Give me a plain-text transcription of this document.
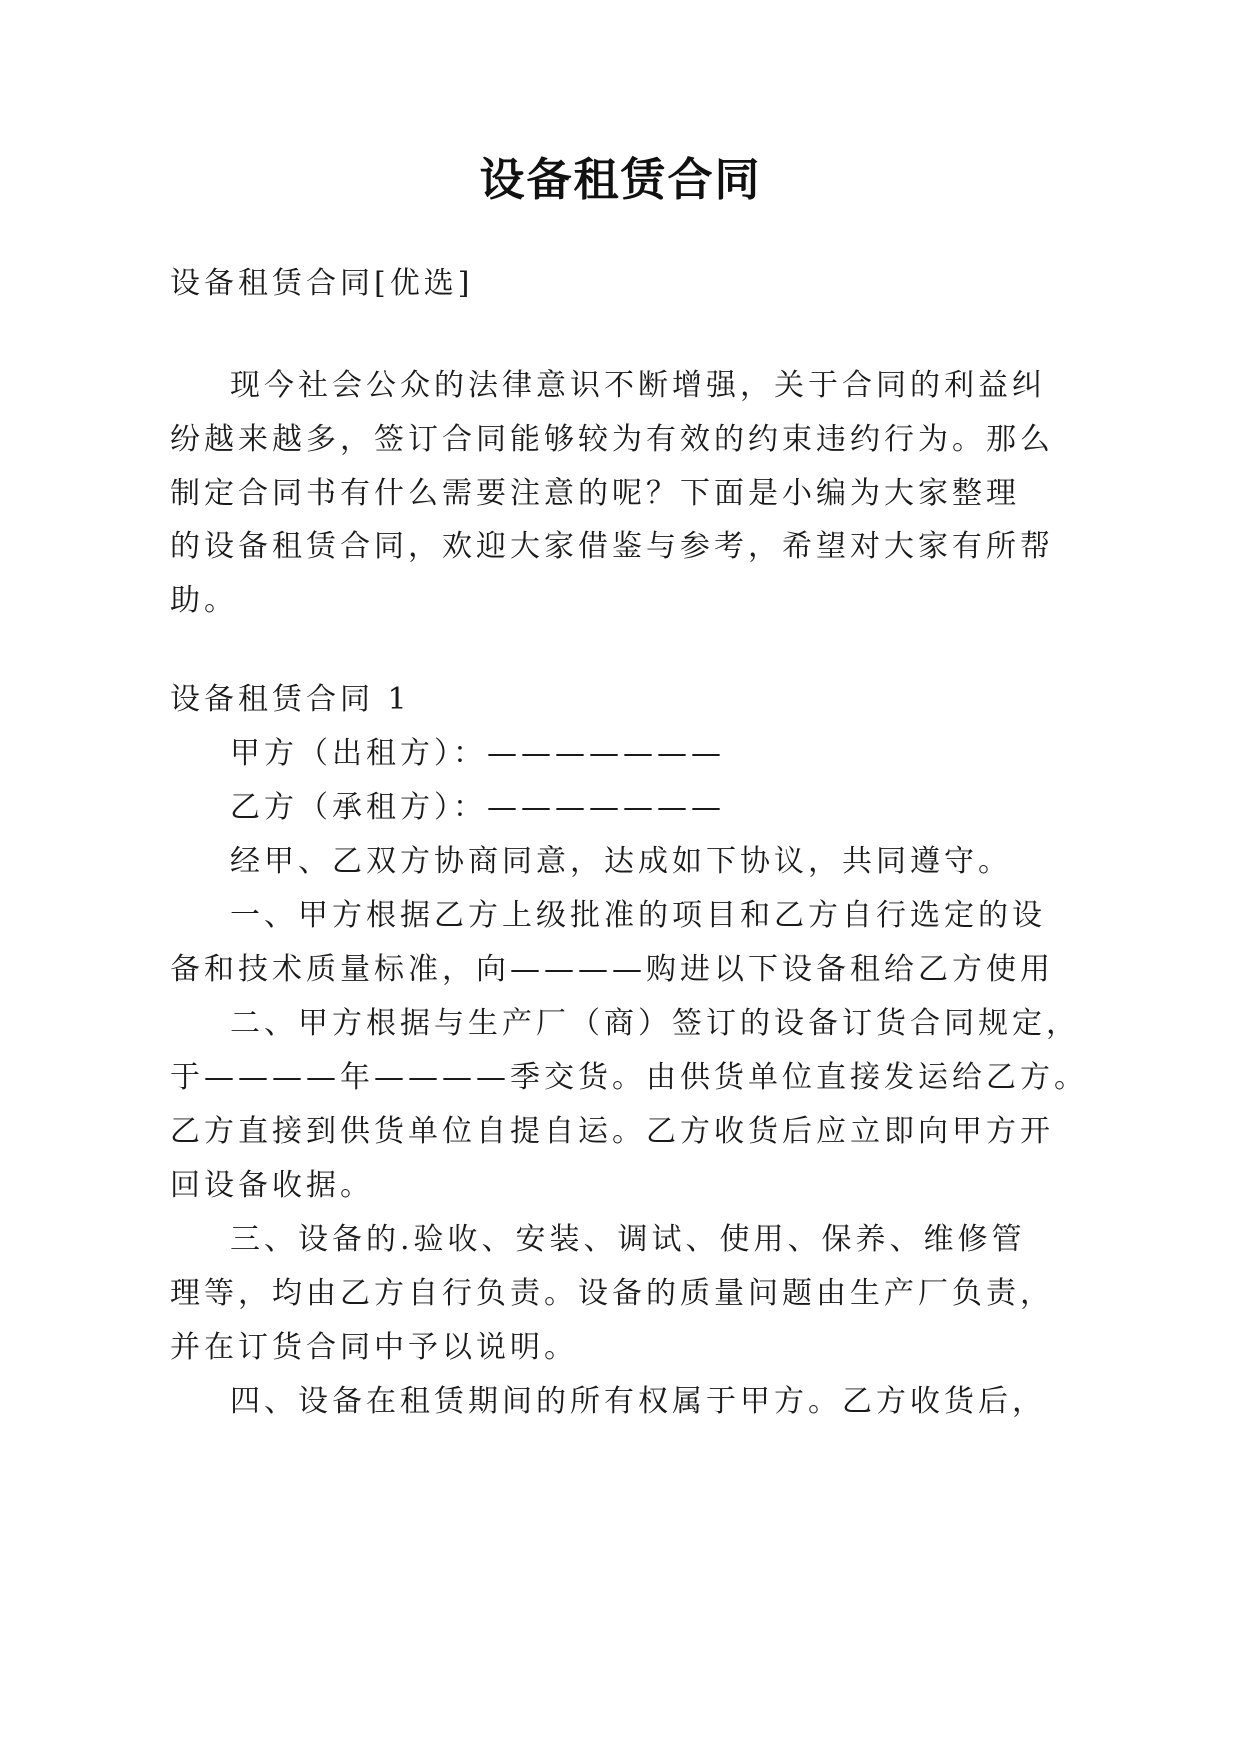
设备租赁合同
设备租赁合同[优选]
现今社会公众的法律意识不断增强，关于合同的利益纠
纷越来越多，签订合同能够较为有效的约束违约行为。那么
制定合同书有什么需要注意的呢？下面是小编为大家整理
的设备租赁合同，欢迎大家借鉴与参考，希望对大家有所帮
助。
设备租赁合同 1
甲方（出租方）：———————
乙方（承租方）：———————
经甲、乙双方协商同意，达成如下协议，共同遵守。
一、甲方根据乙方上级批准的项目和乙方自行选定的设
备和技术质量标准，向————购进以下设备租给乙方使用
二、甲方根据与生产厂（商）签订的设备订货合同规定，
于————年————季交货。由供货单位直接发运给乙方。
乙方直接到供货单位自提自运。乙方收货后应立即向甲方开
回设备收据。
三、设备的.验收、安装、调试、使用、保养、维修管
理等，均由乙方自行负责。设备的质量问题由生产厂负责，
并在订货合同中予以说明。
四、设备在租赁期间的所有权属于甲方。乙方收货后，
